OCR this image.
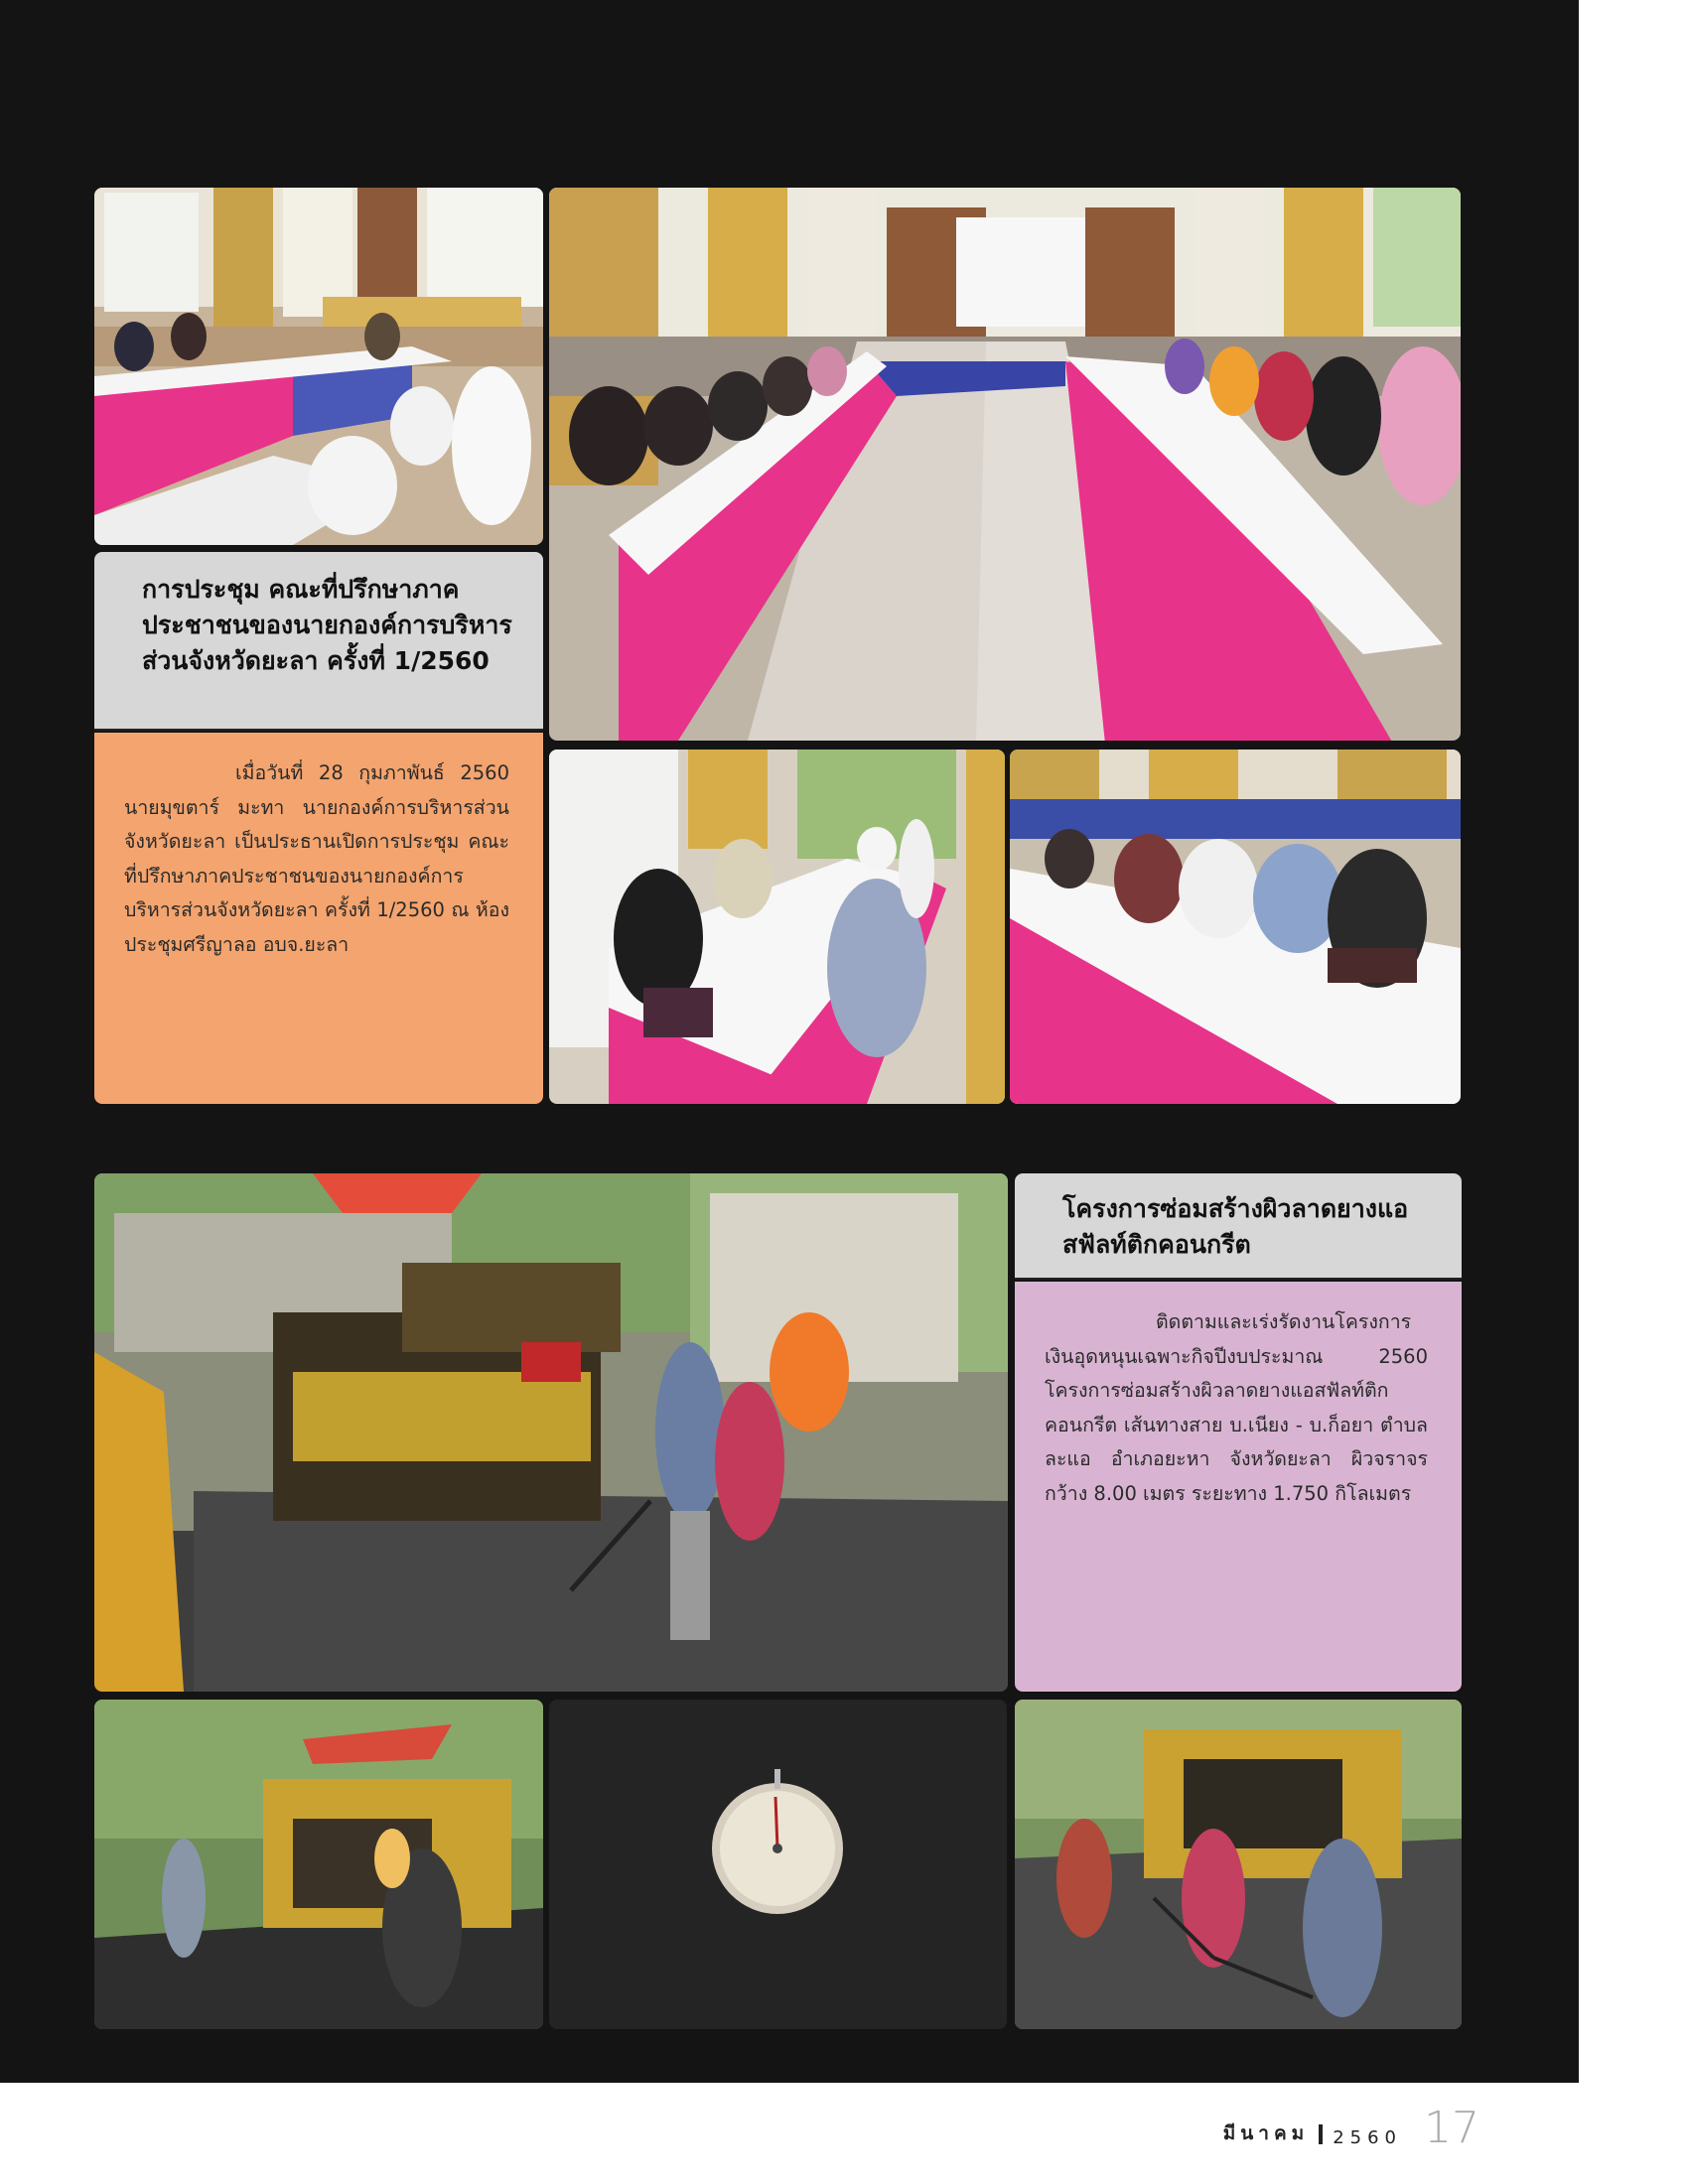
การประชุม คณะที่ปรึกษาภาคประชาชนของนายกองค์การบริหารส่วนจังหวัดยะลา ครั้งที่ 1/2560
เมื่อวันที่ 28 กุมภาพันธ์ 2560 นายมุขตาร์ มะทา นายกองค์การบริหารส่วนจังหวัดยะลา เป็นประธานเปิดการประชุม คณะที่ปรึกษาภาคประชาชนของนายกองค์การบริหารส่วนจังหวัดยะลา ครั้งที่ 1/2560 ณ ห้องประชุมศรีญาลอ อบจ.ยะลา
โครงการซ่อมสร้างผิวลาดยางแอสฟัลท์ติกคอนกรีต
ติดตามและเร่งรัดงานโครงการเงินอุดหนุนเฉพาะกิจปีงบประมาณ 2560 โครงการซ่อมสร้างผิวลาดยางแอสฟัลท์ติกคอนกรีต เส้นทางสาย บ.เนียง - บ.ก็อยา ตำบลละแอ อำเภอยะหา จังหวัดยะลา ผิวจราจรกว้าง 8.00 เมตร ระยะทาง 1.750 กิโลเมตร
มีนาคม 2560 17
